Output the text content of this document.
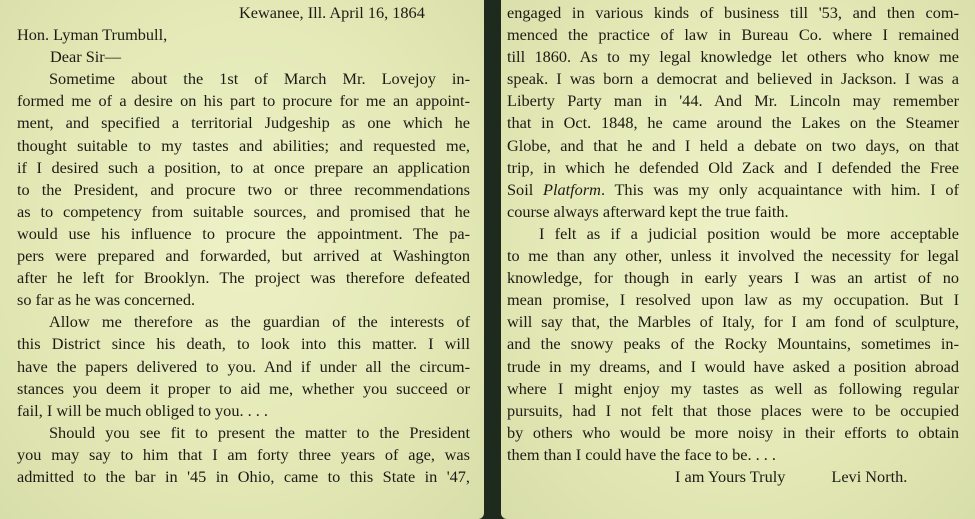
Kewanee, Ill. April 16, 1864
Hon. Lyman Trumbull,
Dear Sir—
Sometime about the 1st of March Mr. Lovejoy in-
formed me of a desire on his part to procure for me an appoint-
ment, and specified a territorial Judgeship as one which he
thought suitable to my tastes and abilities; and requested me,
if I desired such a position, to at once prepare an application
to the President, and procure two or three recommendations
as to competency from suitable sources, and promised that he
would use his influence to procure the appointment. The pa-
pers were prepared and forwarded, but arrived at Washington
after he left for Brooklyn. The project was therefore defeated
so far as he was concerned.
Allow me therefore as the guardian of the interests of
this District since his death, to look into this matter. I will
have the papers delivered to you. And if under all the circum-
stances you deem it proper to aid me, whether you succeed or
fail, I will be much obliged to you. . . .
Should you see fit to present the matter to the President
you may say to him that I am forty three years of age, was
admitted to the bar in '45 in Ohio, came to this State in '47,
engaged in various kinds of business till '53, and then com-
menced the practice of law in Bureau Co. where I remained
till 1860. As to my legal knowledge let others who know me
speak. I was born a democrat and believed in Jackson. I was a
Liberty Party man in '44. And Mr. Lincoln may remember
that in Oct. 1848, he came around the Lakes on the Steamer
Globe, and that he and I held a debate on two days, on that
trip, in which he defended Old Zack and I defended the Free
Soil Platform. This was my only acquaintance with him. I of
course always afterward kept the true faith.
I felt as if a judicial position would be more acceptable
to me than any other, unless it involved the necessity for legal
knowledge, for though in early years I was an artist of no
mean promise, I resolved upon law as my occupation. But I
will say that, the Marbles of Italy, for I am fond of sculpture,
and the snowy peaks of the Rocky Mountains, sometimes in-
trude in my dreams, and I would have asked a position abroad
where I might enjoy my tastes as well as following regular
pursuits, had I not felt that those places were to be occupied
by others who would be more noisy in their efforts to obtain
them than I could have the face to be. . . .
I am Yours Truly	Levi North.
